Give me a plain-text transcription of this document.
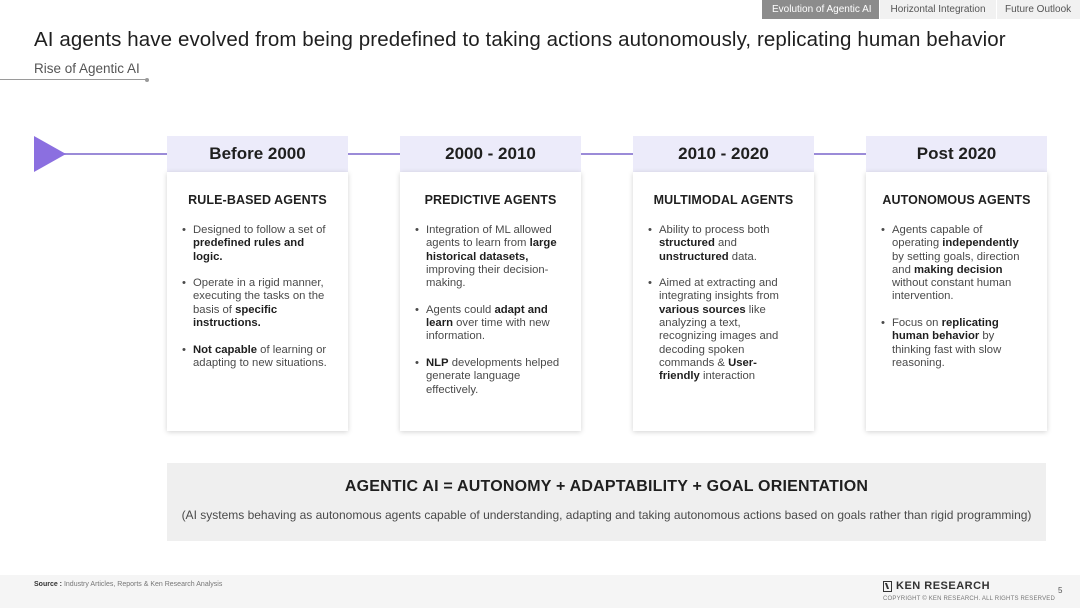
Evolution of Agentic AI	Horizontal Integration	Future Outlook
AI agents have evolved from being predefined to taking actions autonomously, replicating human behavior
Rise of Agentic AI
Before 2000
RULE-BASED AGENTS
• Designed to follow a set of predefined rules and logic.
• Operate in a rigid manner, executing the tasks on the basis of specific instructions.
• Not capable of learning or adapting to new situations.
2000 - 2010
PREDICTIVE AGENTS
• Integration of ML allowed agents to learn from large historical datasets, improving their decision-making.
• Agents could adapt and learn over time with new information.
• NLP developments helped generate language effectively.
2010 - 2020
MULTIMODAL AGENTS
• Ability to process both structured and unstructured data.
• Aimed at extracting and integrating insights from various sources like analyzing a text, recognizing images and decoding spoken commands & User-friendly interaction
Post 2020
AUTONOMOUS AGENTS
• Agents capable of operating independently by setting goals, direction and making decision without constant human intervention.
• Focus on replicating human behavior by thinking fast with slow reasoning.
AGENTIC AI = AUTONOMY + ADAPTABILITY + GOAL ORIENTATION
(AI systems behaving as autonomous agents capable of understanding, adapting and taking autonomous actions based on goals rather than rigid programming)
Source : Industry Articles, Reports & Ken Research Analysis	KEN RESEARCH
COPYRIGHT © KEN RESEARCH. ALL RIGHTS RESERVED
5
